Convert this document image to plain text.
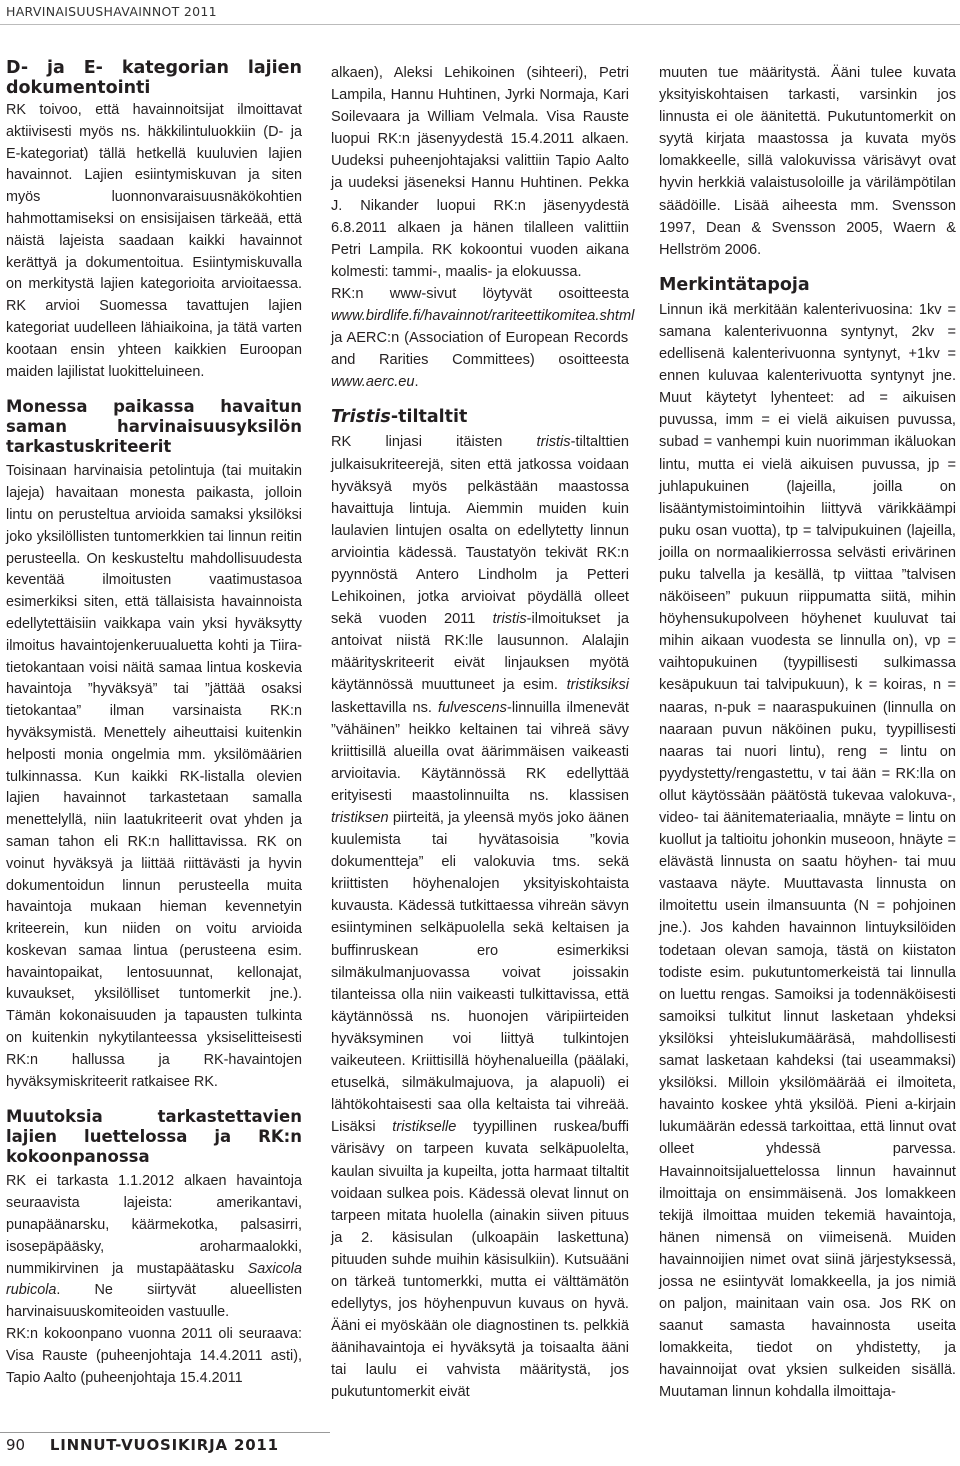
HARVINAISUUSHAVAINNOT 2011
D- ja E- kategorian lajien dokumentointi

RK toivoo, että havainnoitsijat ilmoittavat aktiivisesti myös ns. häkkilintuluokkiin (D- ja E-kategoriat) tällä hetkellä kuuluvien lajien havainnot. Lajien esiintymiskuvan ja siten myös luonnonvaraisuusnäkökohtien hahmottamiseksi on ensisijaisen tärkeää, että näistä lajeista saadaan kaikki havainnot kerättyä ja dokumentoitua. Esiintymiskuvalla on merkitystä lajien kategorioita arvioitaessa. RK arvioi Suomessa tavattujen lajien kategoriat uudelleen lähiaikoina, ja tätä varten kootaan ensin yhteen kaikkien Euroopan maiden lajilistat luokitteluineen.

Monessa paikassa havaitun saman harvinaisuusyksilön tarkastuskriteerit

Toisinaan harvinaisia petolintuja (tai muitakin lajeja) havaitaan monesta paikasta, jolloin lintu on perusteltua arvioida samaksi yksilöksi joko yksilöllisten tuntomerkkien tai linnun reitin perusteella. On keskusteltu mahdollisuudesta keventää ilmoitusten vaatimustasoa esimerkiksi siten, että tällaisista havainnoista edellytettäisiin vaikkapa vain yksi hyväksytty ilmoitus havaintojenkeruualuetta kohti ja Tiira-tietokantaan voisi näitä samaa lintua koskevia havaintoja ”hyväksyä” tai ”jättää osaksi tietokantaa” ilman varsinaista RK:n hyväksymistä. Menettely aiheuttaisi kuitenkin helposti monia ongelmia mm. yksilömäärien tulkinnassa. Kun kaikki RK-listalla olevien lajien havainnot tarkastetaan samalla menettelyllä, niin laatukriteerit ovat yhden ja saman tahon eli RK:n hallittavissa. RK on voinut hyväksyä ja liittää riittävästi ja hyvin dokumentoidun linnun perusteella muita havaintoja mukaan hieman kevennetyin kriteerein, kun niiden on voitu arvioida koskevan samaa lintua (perusteena esim. havaintopaikat, lentosuunnat, kellonajat, kuvaukset, yksilölliset tuntomerkit jne.). Tämän kokonaisuuden ja tapausten tulkinta on kuitenkin nykytilanteessa yksiselitteisesti RK:n hallussa ja RK-havaintojen hyväksymiskriteerit ratkaisee RK.

Muutoksia tarkastettavien lajien luettelossa ja RK:n kokoonpanossa

RK ei tarkasta 1.1.2012 alkaen havaintoja seuraavista lajeista: amerikantavi, punapäänarsku, käärmekotka, palsasirri, isosepäpääsky, aroharmaalokki, nummikirvinen ja mustapäätasku Saxicola rubicola. Ne siirtyvät alueellisten harvinaisuuskomiteoiden vastuulle.

RK:n kokoonpano vuonna 2011 oli seuraava: Visa Rauste (puheenjohtaja 14.4.2011 asti), Tapio Aalto (puheenjohtaja 15.4.2011

alkaen), Aleksi Lehikoinen (sihteeri), Petri Lampila, Hannu Huhtinen, Jyrki Normaja, Kari Soilevaara ja William Velmala. Visa Rauste luopui RK:n jäsenyydestä 15.4.2011 alkaen. Uudeksi puheenjohtajaksi valittiin Tapio Aalto ja uudeksi jäseneksi Hannu Huhtinen. Pekka J. Nikander luopui RK:n jäsenyydestä 6.8.2011 alkaen ja hänen tilalleen valittiin Petri Lampila. RK kokoontui vuoden aikana kolmesti: tammi-, maalis- ja elokuussa.

RK:n www-sivut löytyvät osoitteesta www.birdlife.fi/havainnot/rariteettikomitea.shtml ja AERC:n (Association of European Records and Rarities Committees) osoitteesta www.aerc.eu.

Tristis-tiltaltit

RK linjasi itäisten tristis-tiltalttien julkaisukriteerejä, siten että jatkossa voidaan hyväksyä myös pelkästään maastossa havaittuja lintuja. Aiemmin muiden kuin laulavien lintujen osalta on edellytetty linnun arviointia kädessä. Taustatyön tekivät RK:n pyynnöstä Antero Lindholm ja Petteri Lehikoinen, jotka arvioivat pöydällä olleet sekä vuoden 2011 tristis-ilmoitukset ja antoivat niistä RK:lle lausunnon. Alalajin määrityskriteerit eivät linjauksen myötä käytännössä muuttuneet ja esim. tristiksiksi laskettavilla ns. fulvescens-linnuilla ilmenevät ”vähäinen” heikko keltainen tai vihreä sävy kriittisillä alueilla ovat äärimmäisen vaikeasti arvioitavia. Käytännössä RK edellyttää erityisesti maastolinnuilta ns. klassisen tristiksen piirteitä, ja yleensä myös joko äänen kuulemista tai hyvätasoisia ”kovia dokumentteja” eli valokuvia tms. sekä kriittisten höyhenalojen yksityiskohtaista kuvausta. Kädessä tutkittaessa vihreän sävyn esiintyminen selkäpuolella sekä keltaisen ja buffinruskean ero esimerkiksi silmäkulmanjuovassa voivat joissakin tilanteissa olla niin vaikeasti tulkittavissa, että käytännössä ns. huonojen väripiirteiden hyväksyminen voi liittyä tulkintojen vaikeuteen. Kriittisillä höyhenalueilla (päälaki, etuselkä, silmäkulmajuova, ja alapuoli) ei lähtökohtaisesti saa olla keltaista tai vihreää. Lisäksi tristikselle tyypillinen ruskea/buffi värisävy on tarpeen kuvata selkäpuolelta, kaulan sivuilta ja kupeilta, jotta harmaat tiltaltit voidaan sulkea pois. Kädessä olevat linnut on tarpeen mitata huolella (ainakin siiven pituus ja 2. käsisulan (ulkoapäin laskettuna) pituuden suhde muihin käsisulkiin). Kutsuääni on tärkeä tuntomerkki, mutta ei välttämätön edellytys, jos höyhenpuvun kuvaus on hyvä. Ääni ei myöskään ole diagnostinen ts. pelkkiä äänihavaintoja ei hyväksytä ja toisaalta ääni tai laulu ei vahvista määritystä, jos pukutuntomerkit eivät

muuten tue määritystä. Ääni tulee kuvata yksityiskohtaisen tarkasti, varsinkin jos linnusta ei ole äänitettä. Pukutuntomerkit on syytä kirjata maastossa ja kuvata myös lomakkeelle, sillä valokuvissa värisävyt ovat hyvin herkkiä valaistusoloille ja värilämpötilan säädöille. Lisää aiheesta mm. Svensson 1997, Dean & Svensson 2005, Waern & Hellström 2006.

Merkintätapoja

Linnun ikä merkitään kalenterivuosina: 1kv = samana kalenterivuonna syntynyt, 2kv = edellisenä kalenterivuonna syntynyt, +1kv = ennen kuluvaa kalenterivuotta syntynyt jne. Muut käytetyt lyhenteet: ad = aikuisen puvussa, imm = ei vielä aikuisen puvussa, subad = vanhempi kuin nuorimman ikäluokan lintu, mutta ei vielä aikuisen puvussa, jp = juhlapukuinen (lajeilla, joilla on lisääntymistoimintoihin liittyvä värikkäämpi puku osan vuotta), tp = talvipukuinen (lajeilla, joilla on normaalikierrossa selvästi erivärinen puku talvella ja kesällä, tp viittaa ”talvisen näköiseen” pukuun riippumatta siitä, mihin höyhensukupolveen höyhenet kuuluvat tai mihin aikaan vuodesta se linnulla on), vp = vaihtopukuinen (tyypillisesti sulkimassa kesäpukuun tai talvipukuun), k = koiras, n = naaras, n-puk = naaraspukuinen (linnulla on naaraan puvun näköinen puku, tyypillisesti naaras tai nuori lintu), reng = lintu on pyydystetty/rengastettu, v tai ään = RK:lla on ollut käytössään päätöstä tukevaa valokuva-, video- tai äänitemateriaalia, mnäyte = lintu on kuollut ja taltioitu johonkin museoon, hnäyte = elävästä linnusta on saatu höyhen- tai muu vastaava näyte. Muuttavasta linnusta on ilmoitettu usein ilmansuunta (N = pohjoinen jne.). Jos kahden havainnon lintuyksilöiden todetaan olevan samoja, tästä on kiistaton todiste esim. pukutuntomerkeistä tai linnulla on luettu rengas. Samoiksi ja todennäköisesti samoiksi tulkitut linnut lasketaan yhdeksi yksilöksi yhteislukumääräsä, mahdollisesti samat lasketaan kahdeksi (tai useammaksi) yksilöksi. Milloin yksilömäärää ei ilmoiteta, havainto koskee yhtä yksilöä. Pieni a-kirjain lukumäärän edessä tarkoittaa, että linnut ovat olleet yhdessä parvessa. Havainnoitsijaluettelossa linnun havainnut ilmoittaja on ensimmäisenä. Jos lomakkeen tekijä ilmoittaa muiden tekemiä havaintoja, hänen nimensä on viimeisenä. Muiden havainnoijien nimet ovat siinä järjestyksessä, jossa ne esiintyvät lomakkeella, ja jos nimiä on paljon, mainitaan vain osa. Jos RK on saanut samasta havainnosta useita lomakkeita, tiedot on yhdistetty, ja havainnoijat ovat yksien sulkeiden sisällä. Muutaman linnun kohdalla ilmoittaja-

90 LINNUT-VUOSIKIRJA 2011
